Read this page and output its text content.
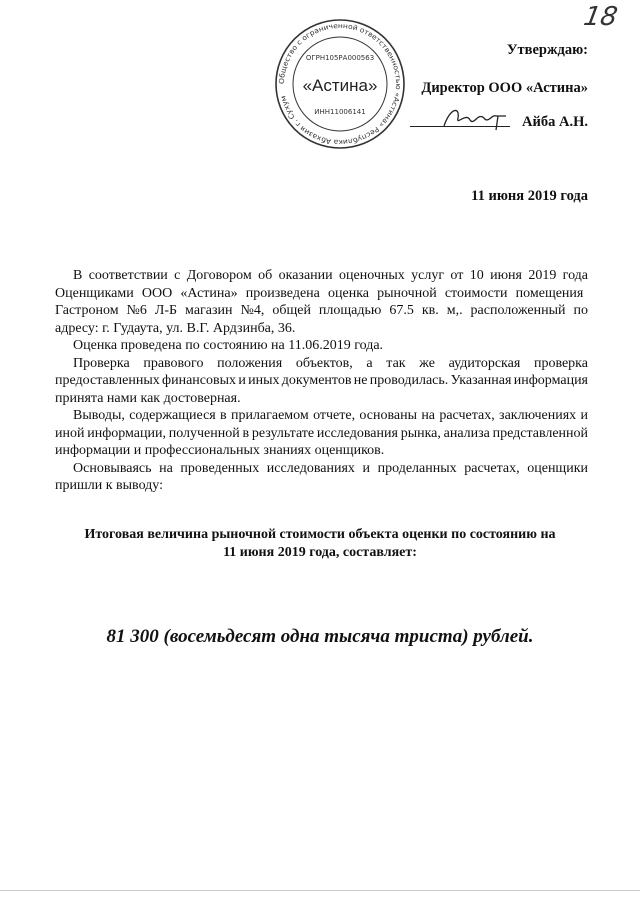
18
Общество с ограниченной ответственностью «Астина» Республика Абхазия г. Сухум
ОГРН105РА000563
«Астина»
ИНН11006141
Утверждаю:
Директор ООО «Астина»
Айба А.Н.
11 июня 2019 года
В соответствии с Договором об оказании оценочных услуг от 10 июня 2019 года
Оценщиками ООО «Астина» произведена оценка рыночной стоимости помещения
Гастроном №6 Л-Б магазин №4, общей площадью 67.5 кв. м,. расположенный по
адресу: г. Гудаута, ул. В.Г. Ардзинба, 36.
Оценка проведена по состоянию на 11.06.2019 года.
Проверка правового положения объектов, а так же аудиторская проверка
предоставленных финансовых и иных документов не проводилась. Указанная информация
принята нами как достоверная.
Выводы, содержащиеся в прилагаемом отчете, основаны на расчетах, заключениях и
иной информации, полученной в результате исследования рынка, анализа представленной
информации и профессиональных знаниях оценщиков.
Основываясь на проведенных исследованиях и проделанных расчетах, оценщики
пришли к выводу:
Итоговая величина рыночной стоимости объекта оценки по состоянию на
11 июня 2019 года, составляет:
81 300 (восемьдесят одна тысяча триста) рублей.
